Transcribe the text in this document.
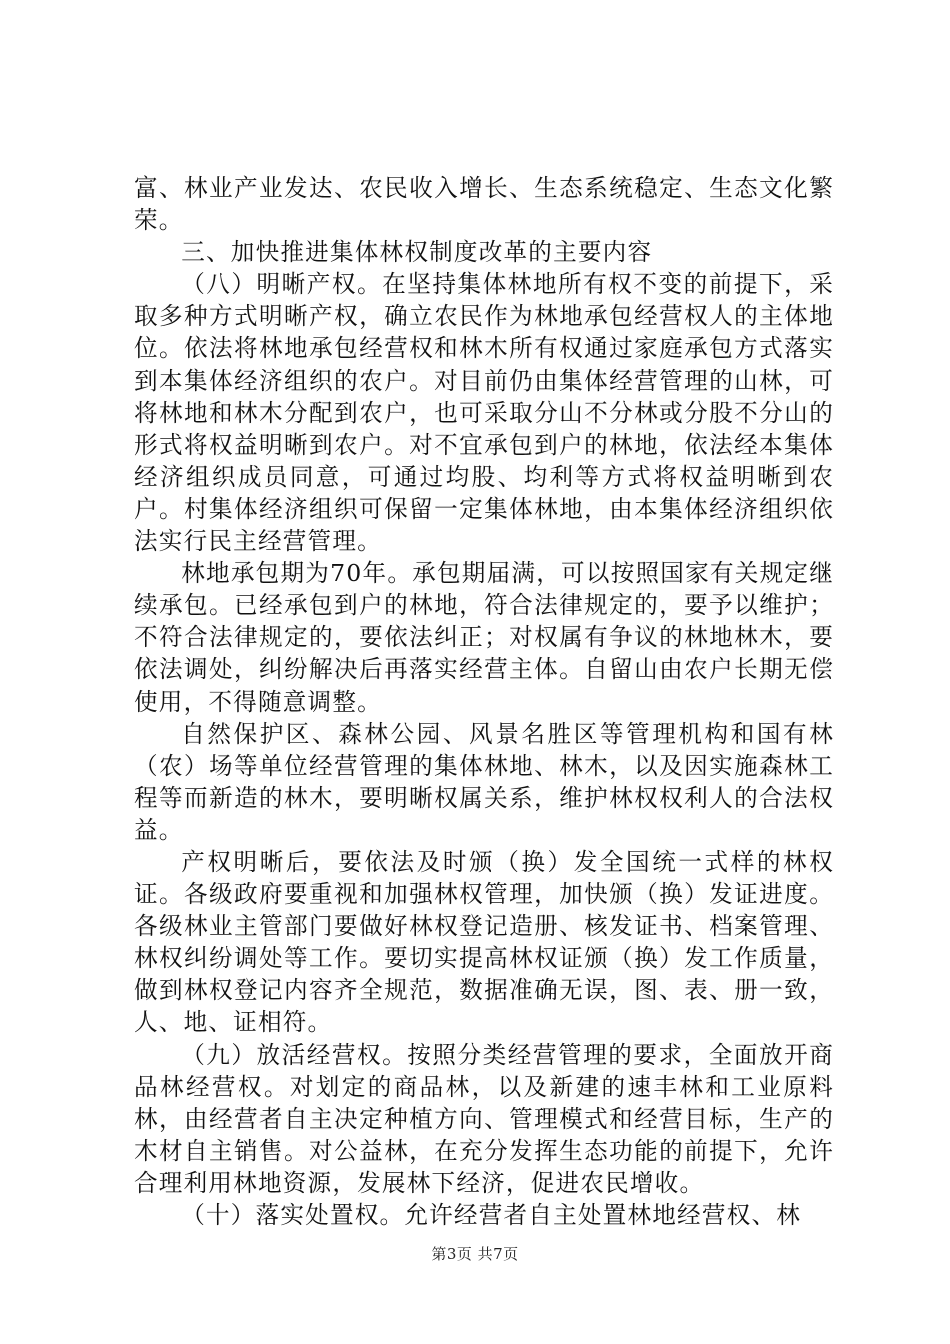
富、林业产业发达、农民收入增长、生态系统稳定、生态文化繁荣。

三、加快推进集体林权制度改革的主要内容

（八）明晰产权。在坚持集体林地所有权不变的前提下，采取多种方式明晰产权，确立农民作为林地承包经营权人的主体地位。依法将林地承包经营权和林木所有权通过家庭承包方式落实到本集体经济组织的农户。对目前仍由集体经营管理的山林，可将林地和林木分配到农户，也可采取分山不分林或分股不分山的形式将权益明晰到农户。对不宜承包到户的林地，依法经本集体经济组织成员同意，可通过均股、均利等方式将权益明晰到农户。村集体经济组织可保留一定集体林地，由本集体经济组织依法实行民主经营管理。

林地承包期为70年。承包期届满，可以按照国家有关规定继续承包。已经承包到户的林地，符合法律规定的，要予以维护；不符合法律规定的，要依法纠正；对权属有争议的林地林木，要依法调处，纠纷解决后再落实经营主体。自留山由农户长期无偿使用，不得随意调整。

自然保护区、森林公园、风景名胜区等管理机构和国有林（农）场等单位经营管理的集体林地、林木，以及因实施森林工程等而新造的林木，要明晰权属关系，维护林权权利人的合法权益。

产权明晰后，要依法及时颁（换）发全国统一式样的林权证。各级政府要重视和加强林权管理，加快颁（换）发证进度。各级林业主管部门要做好林权登记造册、核发证书、档案管理、林权纠纷调处等工作。要切实提高林权证颁（换）发工作质量，做到林权登记内容齐全规范，数据准确无误，图、表、册一致，人、地、证相符。

（九）放活经营权。按照分类经营管理的要求，全面放开商品林经营权。对划定的商品林，以及新建的速丰林和工业原料林，由经营者自主决定种植方向、管理模式和经营目标，生产的木材自主销售。对公益林，在充分发挥生态功能的前提下，允许合理利用林地资源，发展林下经济，促进农民增收。

（十）落实处置权。允许经营者自主处置林地经营权、林

第3页 共7页
